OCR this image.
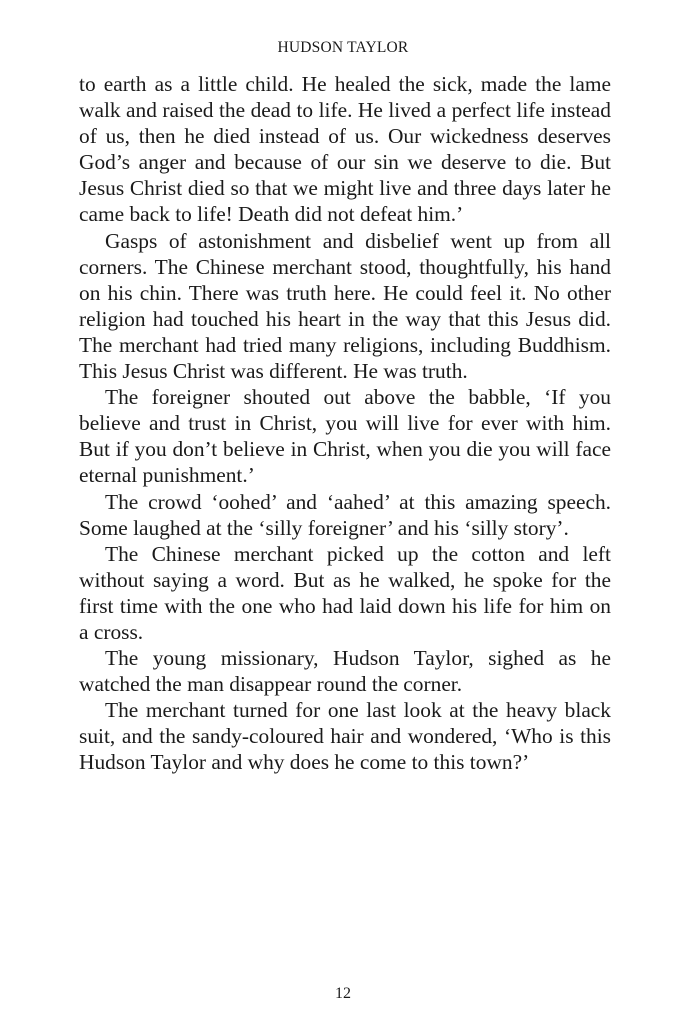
HUDSON TAYLOR

to earth as a little child. He healed the sick, made the lame walk and raised the dead to life. He lived a perfect life instead of us, then he died instead of us. Our wickedness deserves God’s anger and because of our sin we deserve to die. But Jesus Christ died so that we might live and three days later he came back to life! Death did not defeat him.’

Gasps of astonishment and disbelief went up from all corners. The Chinese merchant stood, thoughtfully, his hand on his chin. There was truth here. He could feel it. No other religion had touched his heart in the way that this Jesus did. The merchant had tried many religions, including Buddhism. This Jesus Christ was different. He was truth.

The foreigner shouted out above the babble, ‘If you believe and trust in Christ, you will live for ever with him. But if you don’t believe in Christ, when you die you will face eternal punishment.’

The crowd ‘oohed’ and ‘aahed’ at this amazing speech. Some laughed at the ‘silly foreigner’ and his ‘silly story’.

The Chinese merchant picked up the cotton and left without saying a word. But as he walked, he spoke for the first time with the one who had laid down his life for him on a cross.

The young missionary, Hudson Taylor, sighed as he watched the man disappear round the corner.

The merchant turned for one last look at the heavy black suit, and the sandy-coloured hair and wondered, ‘Who is this Hudson Taylor and why does he come to this town?’

12
